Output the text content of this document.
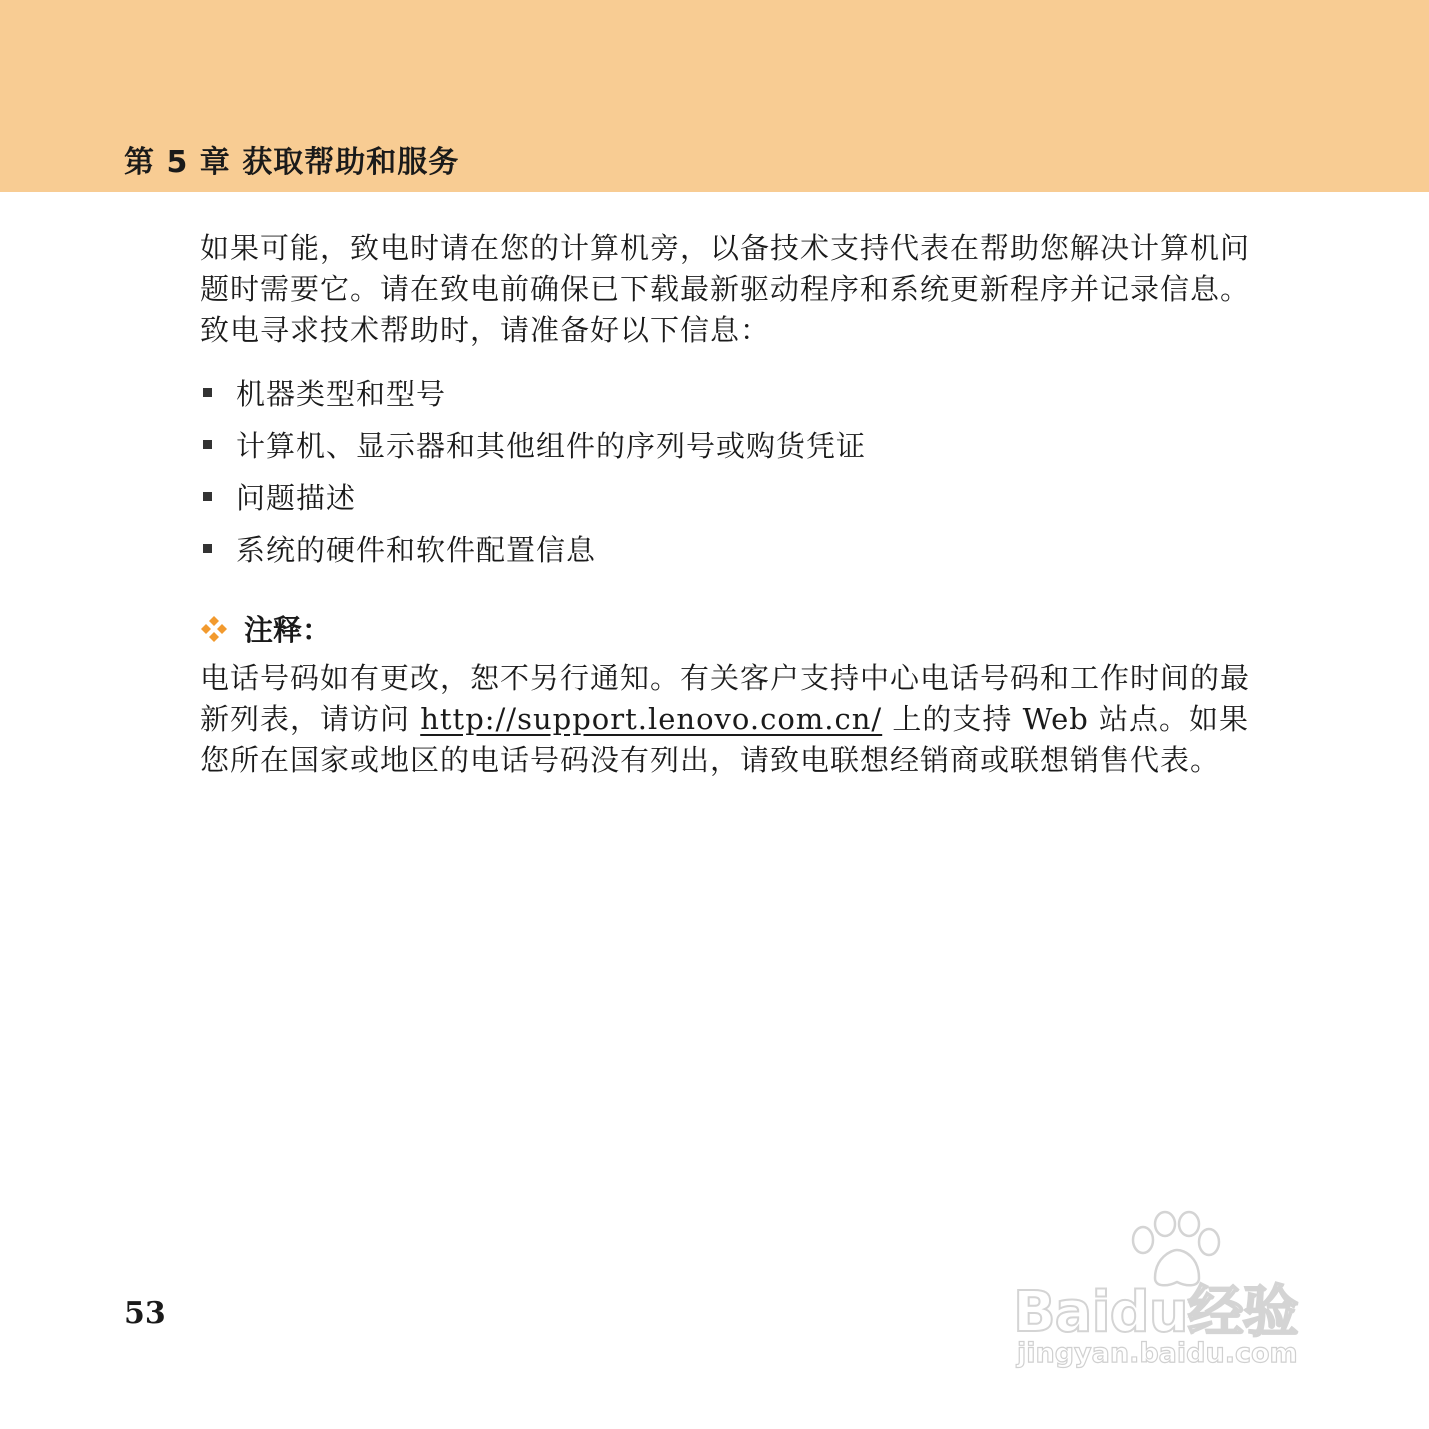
第 5 章 获取帮助和服务
如果可能，致电时请在您的计算机旁，以备技术支持代表在帮助您解决计算机问题时需要它。请在致电前确保已下载最新驱动程序和系统更新程序并记录信息。致电寻求技术帮助时，请准备好以下信息：
机器类型和型号
计算机、显示器和其他组件的序列号或购货凭证
问题描述
系统的硬件和软件配置信息
注释：
电话号码如有更改，恕不另行通知。有关客户支持中心电话号码和工作时间的最新列表，请访问 http://support.lenovo.com.cn/ 上的支持 Web 站点。如果您所在国家或地区的电话号码没有列出，请致电联想经销商或联想销售代表。
53	Baidu经验
jingyan.baidu.com
